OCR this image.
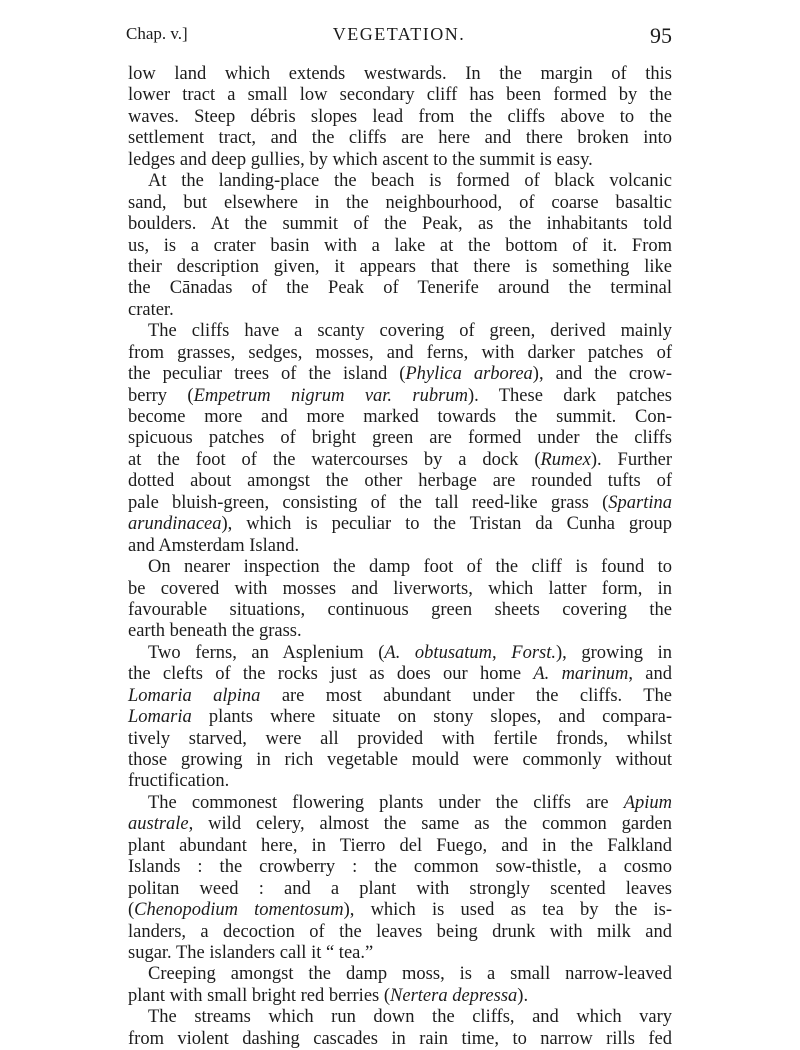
Chap. v.]	VEGETATION.	95
low land which extends westwards. In the margin of this
lower tract a small low secondary cliff has been formed by the
waves. Steep débris slopes lead from the cliffs above to the
settlement tract, and the cliffs are here and there broken into
ledges and deep gullies, by which ascent to the summit is easy.
At the landing-place the beach is formed of black volcanic
sand, but elsewhere in the neighbourhood, of coarse basaltic
boulders. At the summit of the Peak, as the inhabitants told
us, is a crater basin with a lake at the bottom of it. From
their description given, it appears that there is something like
the Cānadas of the Peak of Tenerife around the terminal
crater.
The cliffs have a scanty covering of green, derived mainly
from grasses, sedges, mosses, and ferns, with darker patches of
the peculiar trees of the island (Phylica arborea), and the crow-
berry (Empetrum nigrum var. rubrum). These dark patches
become more and more marked towards the summit. Con-
spicuous patches of bright green are formed under the cliffs
at the foot of the watercourses by a dock (Rumex). Further
dotted about amongst the other herbage are rounded tufts of
pale bluish-green, consisting of the tall reed-like grass (Spartina
arundinacea), which is peculiar to the Tristan da Cunha group
and Amsterdam Island.
On nearer inspection the damp foot of the cliff is found to
be covered with mosses and liverworts, which latter form, in
favourable situations, continuous green sheets covering the
earth beneath the grass.
Two ferns, an Asplenium (A. obtusatum, Forst.), growing in
the clefts of the rocks just as does our home A. marinum, and
Lomaria alpina are most abundant under the cliffs. The
Lomaria plants where situate on stony slopes, and compara-
tively starved, were all provided with fertile fronds, whilst
those growing in rich vegetable mould were commonly without
fructification.
The commonest flowering plants under the cliffs are Apium
australe, wild celery, almost the same as the common garden
plant abundant here, in Tierro del Fuego, and in the Falkland
Islands : the crowberry : the common sow-thistle, a cosmo
politan weed : and a plant with strongly scented leaves
(Chenopodium tomentosum), which is used as tea by the is-
landers, a decoction of the leaves being drunk with milk and
sugar. The islanders call it “ tea.”
Creeping amongst the damp moss, is a small narrow-leaved
plant with small bright red berries (Nertera depressa).
The streams which run down the cliffs, and which vary
from violent dashing cascades in rain time, to narrow rills fed
